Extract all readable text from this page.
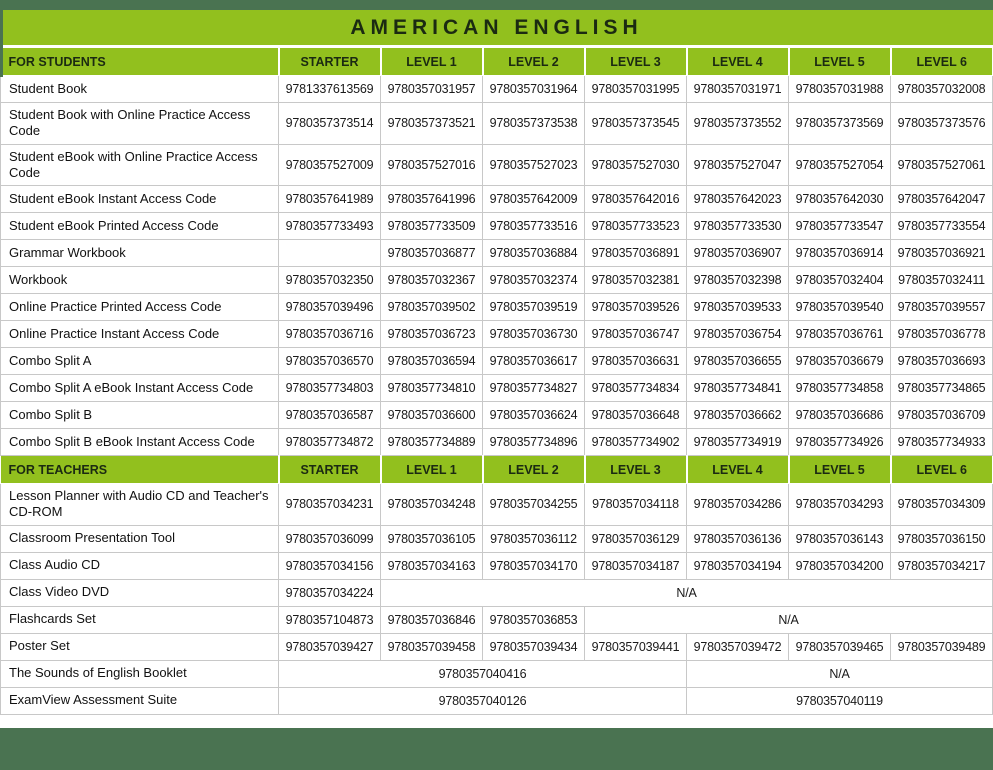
AMERICAN ENGLISH
FOR STUDENTS	STARTER	LEVEL 1	LEVEL 2	LEVEL 3	LEVEL 4	LEVEL 5	LEVEL 6
Student Book	9781337613569	9780357031957	9780357031964	9780357031995	9780357031971	9780357031988	9780357032008
Student Book with Online Practice Access Code	9780357373514	9780357373521	9780357373538	9780357373545	9780357373552	9780357373569	9780357373576
Student eBook with Online Practice Access Code	9780357527009	9780357527016	9780357527023	9780357527030	9780357527047	9780357527054	9780357527061
Student eBook Instant Access Code	9780357641989	9780357641996	9780357642009	9780357642016	9780357642023	9780357642030	9780357642047
Student eBook Printed Access Code	9780357733493	9780357733509	9780357733516	9780357733523	9780357733530	9780357733547	9780357733554
Grammar Workbook		9780357036877	9780357036884	9780357036891	9780357036907	9780357036914	9780357036921
Workbook	9780357032350	9780357032367	9780357032374	9780357032381	9780357032398	9780357032404	9780357032411
Online Practice Printed Access Code	9780357039496	9780357039502	9780357039519	9780357039526	9780357039533	9780357039540	9780357039557
Online Practice Instant Access Code	9780357036716	9780357036723	9780357036730	9780357036747	9780357036754	9780357036761	9780357036778
Combo Split A	9780357036570	9780357036594	9780357036617	9780357036631	9780357036655	9780357036679	9780357036693
Combo Split A eBook Instant Access Code	9780357734803	9780357734810	9780357734827	9780357734834	9780357734841	9780357734858	9780357734865
Combo Split B	9780357036587	9780357036600	9780357036624	9780357036648	9780357036662	9780357036686	9780357036709
Combo Split B eBook Instant Access Code	9780357734872	9780357734889	9780357734896	9780357734902	9780357734919	9780357734926	9780357734933
FOR TEACHERS	STARTER	LEVEL 1	LEVEL 2	LEVEL 3	LEVEL 4	LEVEL 5	LEVEL 6
Lesson Planner with Audio CD and Teacher's CD-ROM	9780357034231	9780357034248	9780357034255	9780357034118	9780357034286	9780357034293	9780357034309
Classroom Presentation Tool	9780357036099	9780357036105	9780357036112	9780357036129	9780357036136	9780357036143	9780357036150
Class Audio CD	9780357034156	9780357034163	9780357034170	9780357034187	9780357034194	9780357034200	9780357034217
Class Video DVD	9780357034224	N/A					
Flashcards Set	9780357104873	9780357036846	9780357036853	N/A			
Poster Set	9780357039427	9780357039458	9780357039434	9780357039441	9780357039472	9780357039465	9780357039489
The Sounds of English Booklet	9780357040416				N/A		
ExamView Assessment Suite	9780357040126				9780357040119		
